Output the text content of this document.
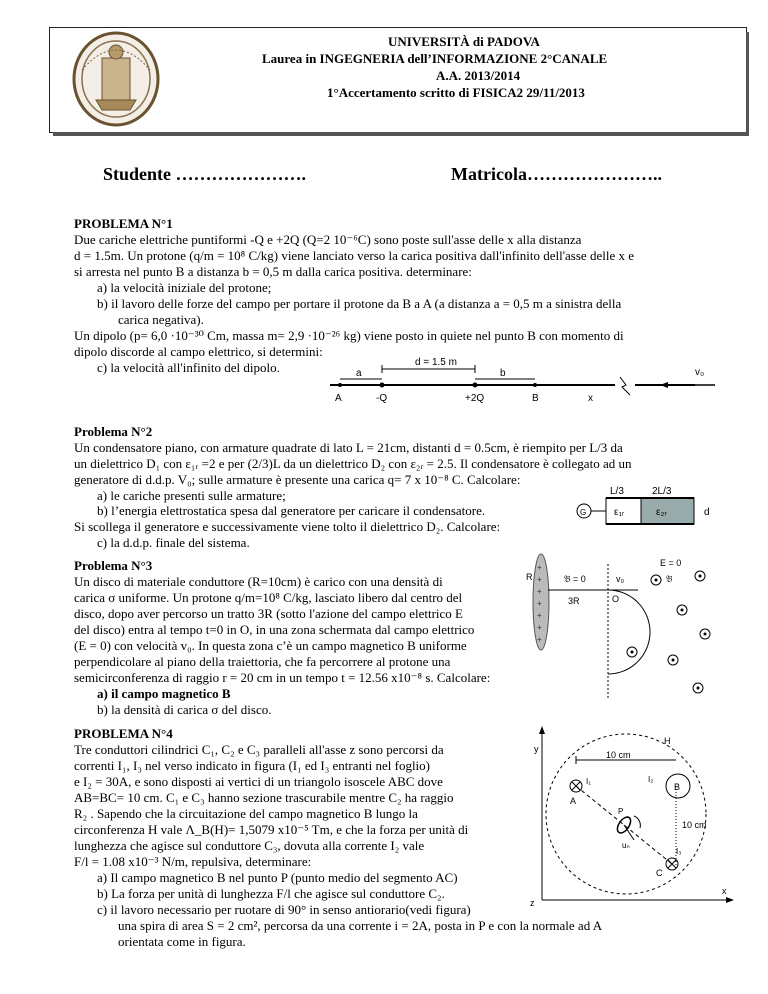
UNIVERSITÀ di PADOVA
Laurea in INGEGNERIA dell’INFORMAZIONE 2°CANALE
A.A. 2013/2014
1°Accertamento scritto di FISICA2 29/11/2013
Studente ………………….	Matricola…………………..
PROBLEMA N°1
Due cariche elettriche puntiformi -Q e +2Q (Q=2 10⁻⁶C) sono poste sull'asse delle x alla distanza
d = 1.5m. Un protone (q/m = 10⁸ C/kg) viene lanciato verso la carica positiva dall'infinito dell'asse delle x e
si arresta nel punto B a distanza b = 0,5 m dalla carica positiva. determinare:
a) la velocità iniziale del protone;
b) il lavoro delle forze del campo per portare il protone da B a A (a distanza a = 0,5 m a sinistra della
carica negativa).
Un dipolo (p= 6,0 ·10⁻³⁰ Cm, massa m= 2,9 ·10⁻²⁶ kg) viene posto in quiete nel punto B con momento di
dipolo discorde al campo elettrico, si determini:
c) la velocità all'infinito del dipolo.	d = 1.5 m
a	b
A	-Q	+2Q	B	x
v₀
Problema N°2
Un condensatore piano, con armature quadrate di lato L = 21cm, distanti d = 0.5cm, è riempito per L/3 da
un dielettrico D₁ con ε₁ᵣ =2 e per (2/3)L da un dielettrico D₂ con ε₂ᵣ = 2.5. Il condensatore è collegato ad un
generatore di d.d.p. V₀; sulle armature è presente una carica q= 7 x 10⁻⁸ C. Calcolare:
a) le cariche presenti sulle armature;
b) l’energia elettrostatica spesa dal generatore per caricare il condensatore.
Si scollega il generatore e successivamente viene tolto il dielettrico D₂. Calcolare:
c) la d.d.p. finale del sistema.
L/3	2L/3
G	ε₁ᵣ	ε₂ᵣ	d
Problema N°3
Un disco di materiale conduttore (R=10cm) è carico con una densità di
carica σ uniforme. Un protone q/m=10⁸ C/kg, lasciato libero dal centro del
disco, dopo aver percorso un tratto 3R (sotto l'azione del campo elettrico E
del disco) entra al tempo t=0 in O, in una zona schermata dal campo elettrico
(E = 0) con velocità v₀. In questa zona c’è un campo magnetico B uniforme
perpendicolare al piano della traiettoria, che fa percorrere al protone una
semicirconferenza di raggio r = 20 cm in un tempo t = 12.56 x10⁻⁸ s. Calcolare:
a) il campo magnetico B
b) la densità di carica σ del disco.
+
+
+
+
+
+
+
R
E = 0
𝔅 = 0	v₀
3R	O
𝔅
PROBLEMA N°4
Tre conduttori cilindrici C₁, C₂ e C₃ paralleli all'asse z sono percorsi da
correnti I₁, I₃ nel verso indicato in figura (I₁ ed I₃ entranti nel foglio)
e I₂ = 30A, e sono disposti ai vertici di un triangolo isoscele ABC dove
AB=BC= 10 cm. C₁ e C₃ hanno sezione trascurabile mentre C₂ ha raggio
R₂ . Sapendo che la circuitazione del campo magnetico B lungo la
circonferenza H vale Λ_B(H)= 1,5079 x10⁻⁵ Tm, e che la forza per unità di
lunghezza che agisce sul conduttore C₃, dovuta alla corrente I₂ vale
F/l = 1.08 x10⁻³ N/m, repulsiva, determinare:
a) Il campo magnetico B nel punto P (punto medio del segmento AC)
b) La forza per unità di lunghezza F/l che agisce sul conduttore C₂.
c) il lavoro necessario per ruotare di 90° in senso antiorario(vedi figura)
una spira di area S = 2 cm², percorsa da una corrente i = 2A, posta in P e con la normale ad A
orientata come in figura.
y
x
z
H
10 cm
10 cm
I₁
A
B
I₂
I₃
C
P
uₙ
